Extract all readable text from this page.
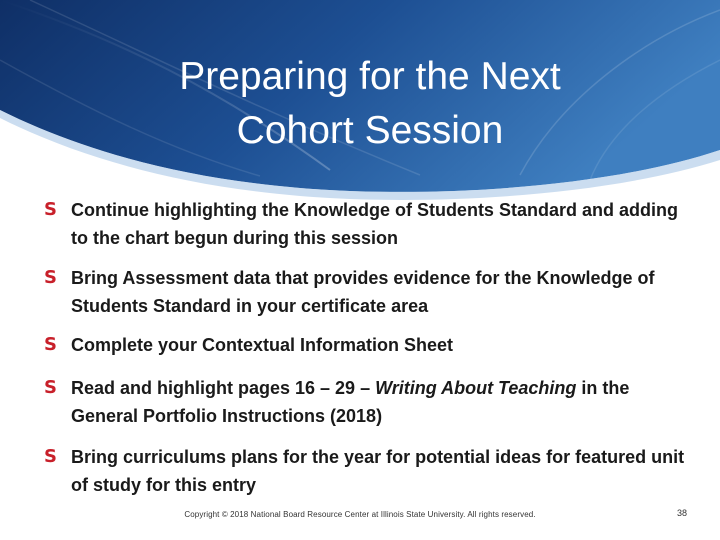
Preparing for the Next
Cohort Session
S Continue highlighting the Knowledge of Students Standard and adding to the chart begun during this session
S Bring Assessment data that provides evidence for the Knowledge of Students Standard in your certificate area
S Complete your Contextual Information Sheet
S Read and highlight pages 16 – 29 – Writing About Teaching in the General Portfolio Instructions (2018)
S Bring curriculums plans for the year for potential ideas for featured unit of study for this entry
Copyright © 2018 National Board Resource Center at Illinois State University. All rights reserved.	38
